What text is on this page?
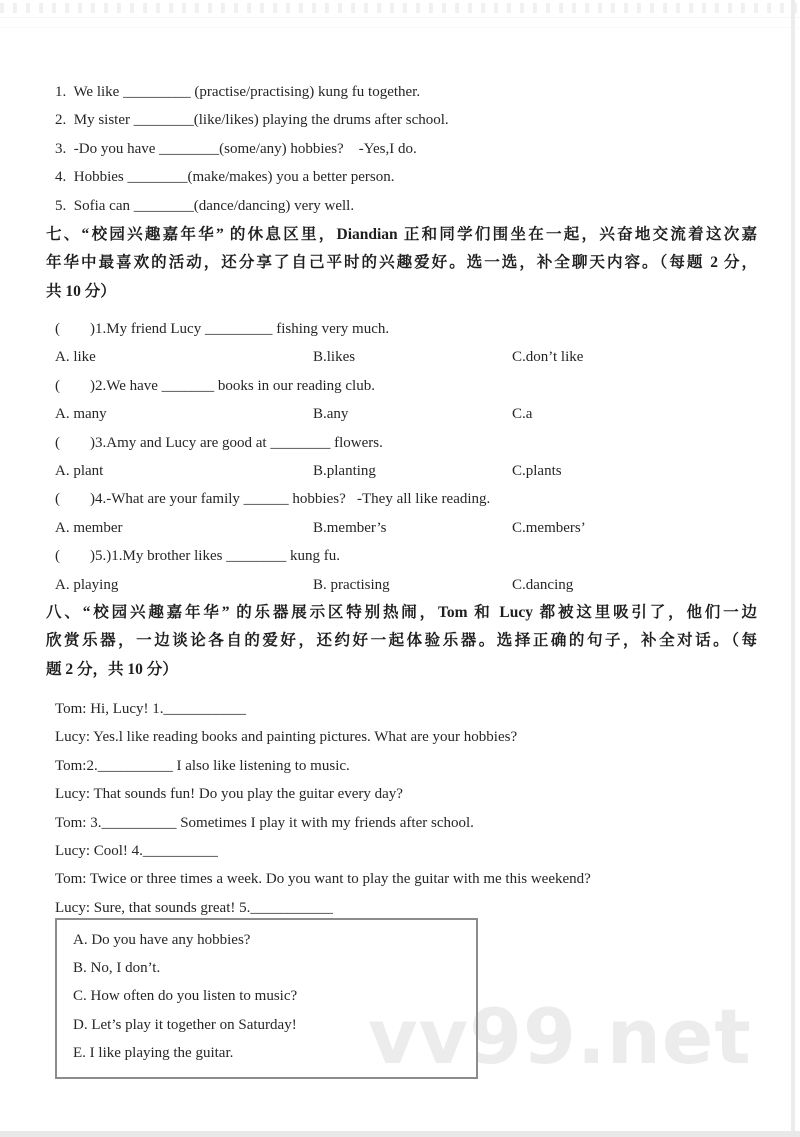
vv99.net
1.  We like _________ (practise/practising) kung fu together.
2.  My sister ________(like/likes) playing the drums after school.
3.  -Do you have ________(some/any) hobbies?    -Yes,I do.
4.  Hobbies ________(make/makes) you a better person.
5.  Sofia can ________(dance/dancing) very well.
七、“校园兴趣嘉年华” 的休息区里，Diandian 正和同学们围坐在一起，兴奋地交流着这次嘉
年华中最喜欢的活动，还分享了自己平时的兴趣爱好。选一选，补全聊天内容。（每题 2 分，
共 10 分）
(        )1.My friend Lucy _________ fishing very much.
A. like	B.likes	C.don’t like
(        )2.We have _______ books in our reading club.
A. many	B.any	C.a
(        )3.Amy and Lucy are good at ________ flowers.
A. plant	B.planting	C.plants
(        )4.-What are your family ______ hobbies?   -They all like reading.
A. member	B.member’s	C.members’
(        )5.)1.My brother likes ________ kung fu.
A. playing	B. practising	C.dancing
八、“校园兴趣嘉年华” 的乐器展示区特别热闹，Tom 和 Lucy 都被这里吸引了，他们一边
欣赏乐器，一边谈论各自的爱好，还约好一起体验乐器。选择正确的句子，补全对话。（每
题 2 分，共 10 分）
Tom: Hi, Lucy! 1.___________
Lucy: Yes.l like reading books and painting pictures. What are your hobbies?
Tom:2.__________ I also like listening to music.
Lucy: That sounds fun! Do you play the guitar every day?
Tom: 3.__________ Sometimes I play it with my friends after school.
Lucy: Cool! 4.__________
Tom: Twice or three times a week. Do you want to play the guitar with me this weekend?
Lucy: Sure, that sounds great! 5.___________
A. Do you have any hobbies?
B. No, I don’t.
C. How often do you listen to music?
D. Let’s play it together on Saturday!
E. I like playing the guitar.
